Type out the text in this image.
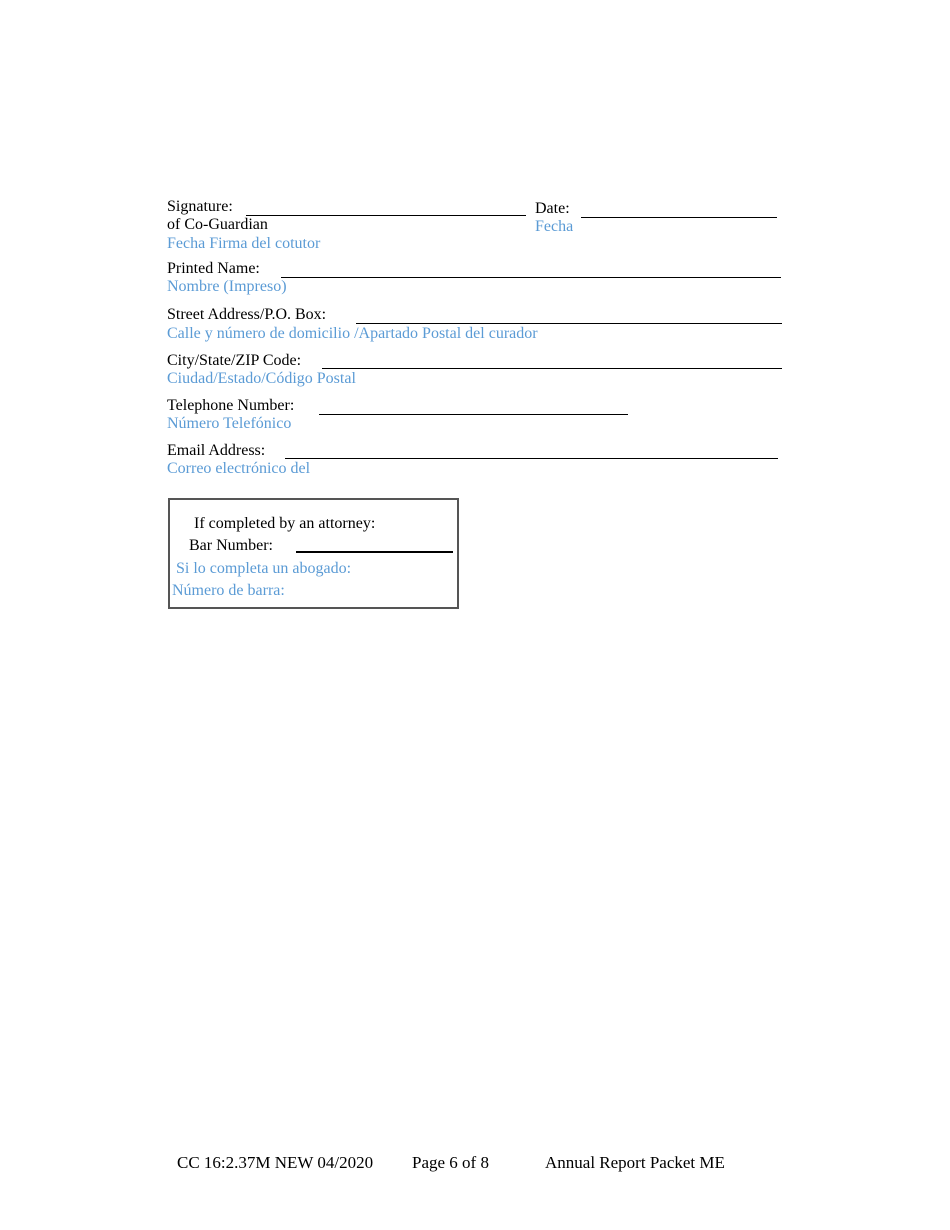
Signature:
of Co-Guardian
Fecha Firma del cotutor
Date:
Fecha
Printed Name:
Nombre (Impreso)
Street Address/P.O. Box:
Calle y número de domicilio /Apartado Postal del curador
City/State/ZIP Code:
Ciudad/Estado/Código Postal
Telephone Number:
Número Telefónico
Email Address:
Correo electrónico del
If completed by an attorney:
Bar Number:
Si lo completa un abogado:
Número de barra:
CC 16:2.37M NEW 04/2020 Page 6 of 8	Annual Report Packet ME
